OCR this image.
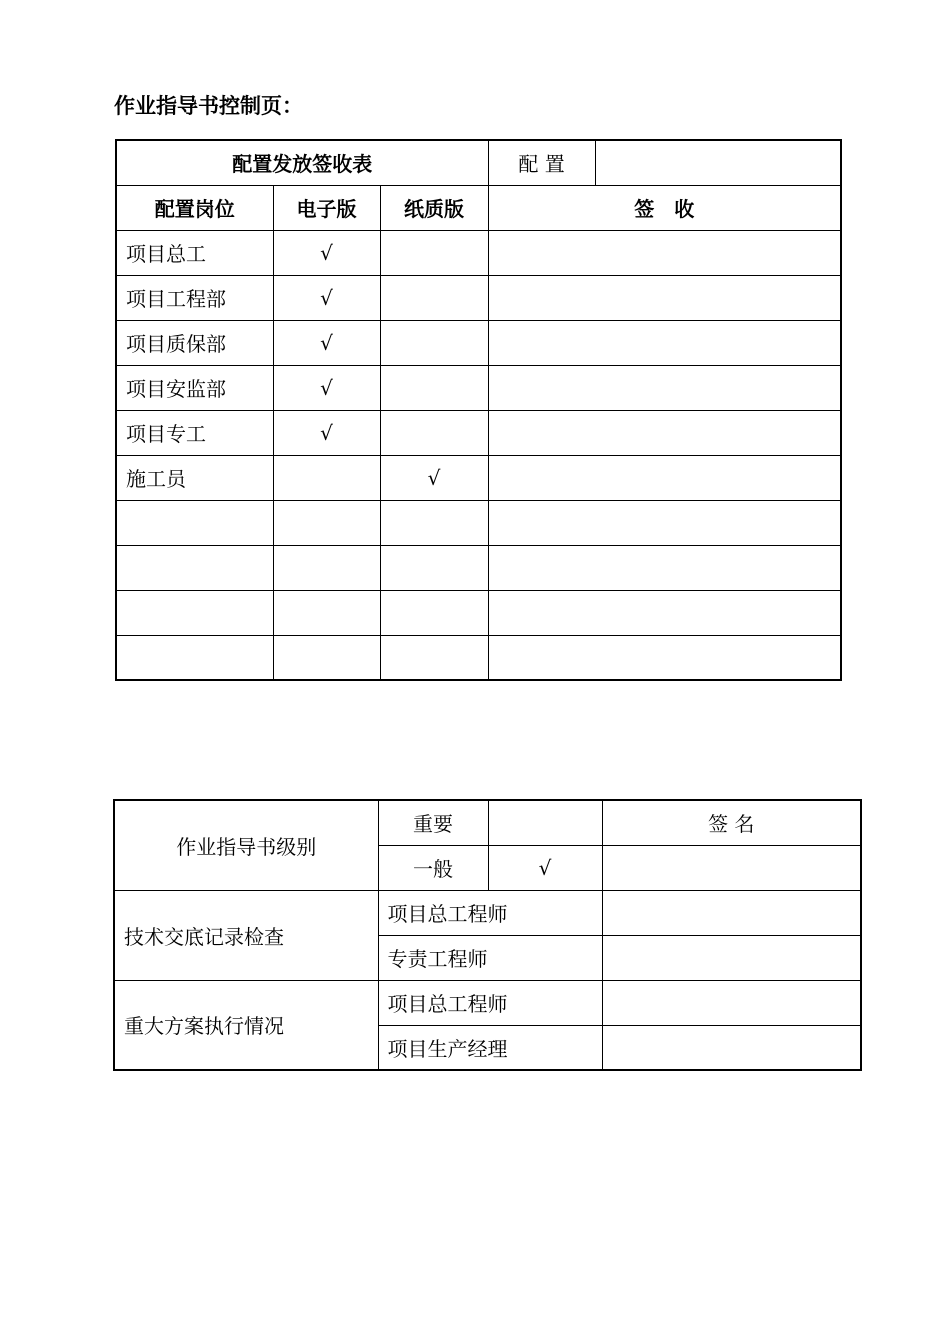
作业指导书控制页：
配置发放签收表			配 置	
配置岗位	电子版	纸质版	签　收	
项目总工	√			
项目工程部	√			
项目质保部	√			
项目安监部	√			
项目专工	√			
施工员		√		

作业指导书级别	重要		签 名
	一般	√	
技术交底记录检查	项目总工程师		
	专责工程师		
重大方案执行情况	项目总工程师		
	项目生产经理		
